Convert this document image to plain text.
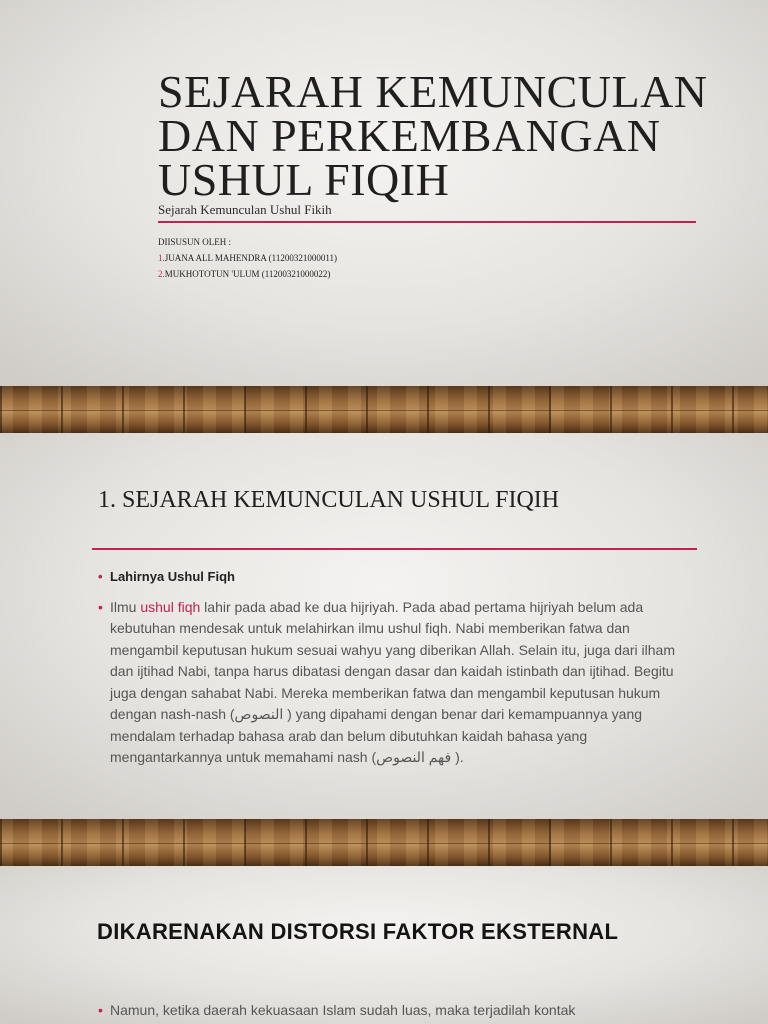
SEJARAH KEMUNCULAN
DAN PERKEMBANGAN
USHUL FIQIH
Sejarah Kemunculan Ushul Fikih
DIISUSUN OLEH :
1.JUANA ALL MAHENDRA (11200321000011)
2.MUKHOTOTUN 'ULUM (11200321000022)
1. SEJARAH KEMUNCULAN USHUL FIQIH
• Lahirnya Ushul Fiqh
• Ilmu ushul fiqh lahir pada abad ke dua hijriyah. Pada abad pertama hijriyah belum ada kebutuhan mendesak untuk melahirkan ilmu ushul fiqh. Nabi memberikan fatwa dan mengambil keputusan hukum sesuai wahyu yang diberikan Allah. Selain itu, juga dari ilham dan ijtihad Nabi, tanpa harus dibatasi dengan dasar dan kaidah istinbath dan ijtihad. Begitu juga dengan sahabat Nabi. Mereka memberikan fatwa dan mengambil keputusan hukum dengan nash-nash (النصوص ) yang dipahami dengan benar dari kemampuannya yang mendalam terhadap bahasa arab dan belum dibutuhkan kaidah bahasa yang mengantarkannya untuk memahami nash (فهم النصوص ).
DIKARENAKAN DISTORSI FAKTOR EKSTERNAL
• Namun, ketika daerah kekuasaan Islam sudah luas, maka terjadilah kontak
